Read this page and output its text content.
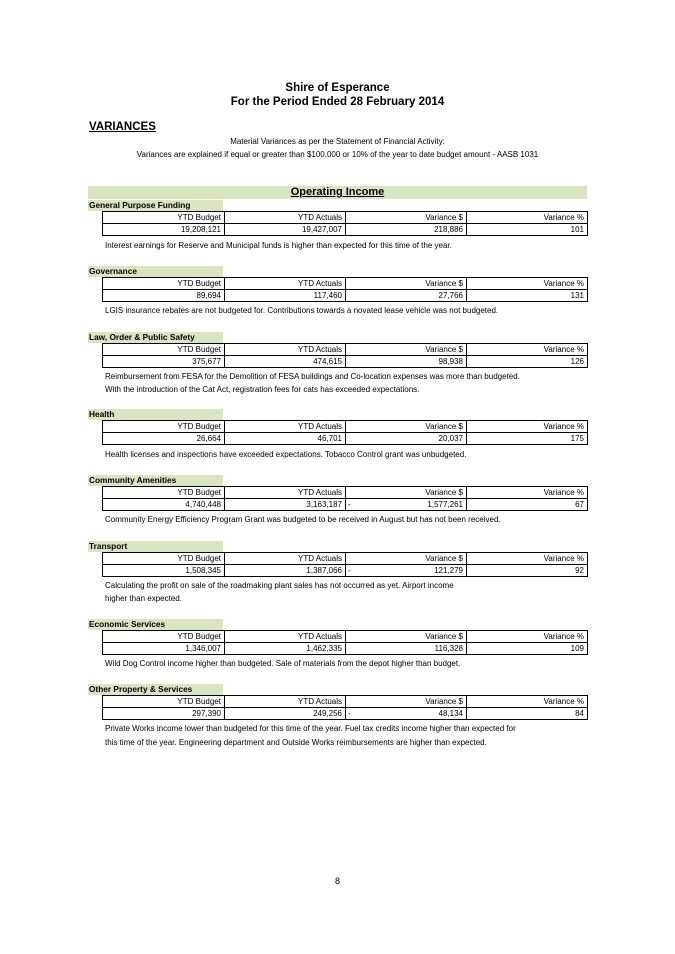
Shire of Esperance
For the Period Ended 28 February 2014
VARIANCES
Material Variances as per the Statement of Financial Activity:
Variances are explained if equal or greater than $100,000 or 10% of the year to date budget amount - AASB 1031
Operating Income
General Purpose Funding
YTD Budget	YTD Actuals	Variance $	Variance %
19,208,121	19,427,007	218,886	101
Interest earnings for Reserve and Municipal funds is higher than expected for this time of the year.
Governance
YTD Budget	YTD Actuals	Variance $	Variance %
89,694	117,460	27,766	131
LGIS insurance rebates are not budgeted for. Contributions towards a novated lease vehicle was not budgeted.
Law, Order & Public Safety
YTD Budget	YTD Actuals	Variance $	Variance %
375,677	474,615	98,938	126
Reimbursement from FESA for the Demolition of FESA buildings and Co-location expenses was more than budgeted.
With the introduction of the Cat Act, registration fees for cats has exceeded expectations.
Health
YTD Budget	YTD Actuals	Variance $	Variance %
26,664	46,701	20,037	175
Health licenses and inspections have exceeded expectations. Tobacco Control grant was unbudgeted.
Community Amenities
YTD Budget	YTD Actuals	Variance $	Variance %
4,740,448	3,163,187	- 1,577,261	67
Community Energy Efficiency Program Grant was budgeted to be received in August but has not been received.
Transport
YTD Budget	YTD Actuals	Variance $	Variance %
1,508,345	1,387,066	- 121,279	92
Calculating the profit on sale of the roadmaking plant sales has not occurred as yet. Airport income
higher than expected.
Economic Services
YTD Budget	YTD Actuals	Variance $	Variance %
1,346,007	1,462,335	116,328	109
Wild Dog Control income higher than budgeted. Sale of materials from the depot higher than budget.
Other Property & Services
YTD Budget	YTD Actuals	Variance $	Variance %
297,390	249,256	- 48,134	84
Private Works income lower than budgeted for this time of the year. Fuel tax credits income higher than expected for
this time of the year. Engineering department and Outside Works reimbursements are higher than expected.
8
